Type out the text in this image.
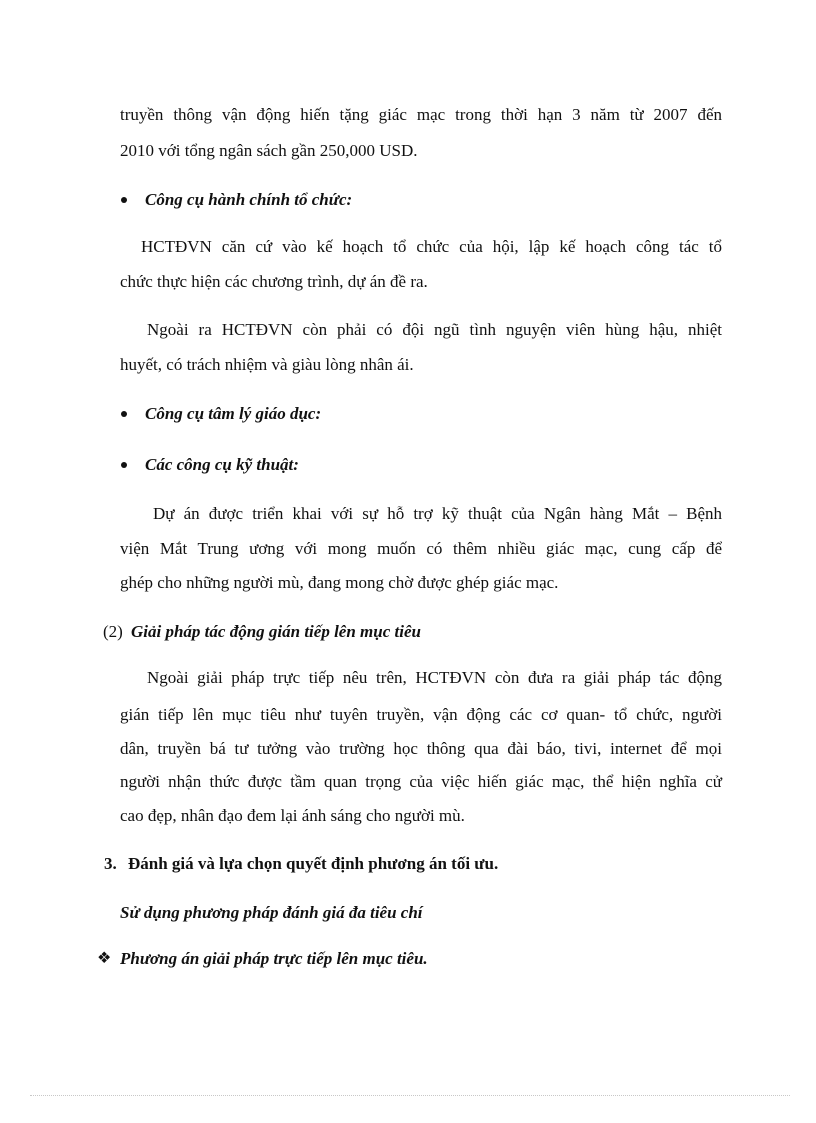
truyền thông vận động hiến tặng giác mạc trong thời hạn 3 năm từ 2007 đến
2010 với tổng ngân sách gần 250,000 USD.
Công cụ hành chính tổ chức:
HCTĐVN căn cứ vào kế hoạch tổ chức của hội, lập kế hoạch công tác tổ
chức thực hiện các chương trình, dự án đề ra.
Ngoài ra HCTĐVN còn phải có đội ngũ tình nguyện viên hùng hậu, nhiệt
huyết, có trách nhiệm và giàu lòng nhân ái.
Công cụ tâm lý giáo dục:
Các công cụ kỹ thuật:
Dự án được triển khai với sự hỗ trợ kỹ thuật của Ngân hàng Mắt – Bệnh
viện Mắt Trung ương với mong muốn có thêm nhiều giác mạc, cung cấp để
ghép cho những người mù, đang mong chờ được ghép giác mạc.
(2) Giải pháp tác động gián tiếp lên mục tiêu
Ngoài giải pháp trực tiếp nêu trên, HCTĐVN còn đưa ra giải pháp tác động
gián tiếp lên mục tiêu như tuyên truyền, vận động các cơ quan- tổ chức, người
dân, truyền bá tư tưởng vào trường học thông qua đài báo, tivi, internet để mọi
người nhận thức được tầm quan trọng của việc hiến giác mạc, thể hiện nghĩa cử
cao đẹp, nhân đạo đem lại ánh sáng cho người mù.
3. Đánh giá và lựa chọn quyết định phương án tối ưu.
Sử dụng phương pháp đánh giá đa tiêu chí
❖ Phương án giải pháp trực tiếp lên mục tiêu.
